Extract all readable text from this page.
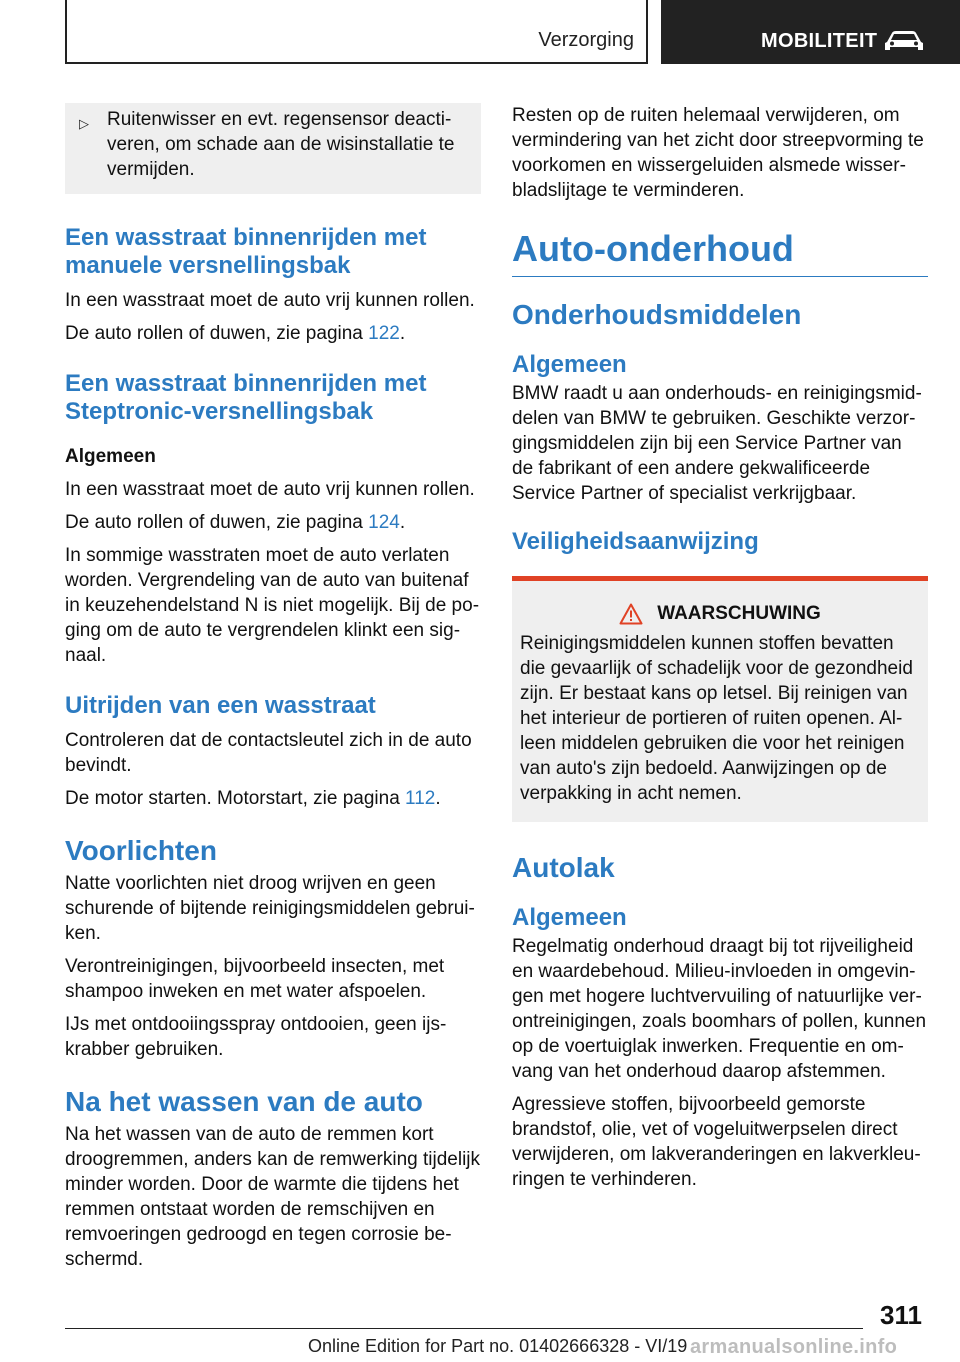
Verzorging	MOBILITEIT
▷ Ruitenwisser en evt. regensensor deactiveren, om schade aan de wisinstallatie te vermijden.
Een wasstraat binnenrijden met manuele versnellingsbak

In een wasstraat moet de auto vrij kunnen rollen.

De auto rollen of duwen, zie pagina 122.

Een wasstraat binnenrijden met Steptronic-versnellingsbak
Algemeen

In een wasstraat moet de auto vrij kunnen rollen.

De auto rollen of duwen, zie pagina 124.

In sommige wasstraten moet de auto verlaten worden. Vergrendeling van de auto van buitenaf in keuzehendelstand N is niet mogelijk. Bij de poging om de auto te vergrendelen klinkt een signaal.

Uitrijden van een wasstraat

Controleren dat de contactsleutel zich in de auto bevindt.

De motor starten. Motorstart, zie pagina 112.

Voorlichten

Natte voorlichten niet droog wrijven en geen schurende of bijtende reinigingsmiddelen gebruiken.

Verontreinigingen, bijvoorbeeld insecten, met shampoo inweken en met water afspoelen.

IJs met ontdooiingsspray ontdooien, geen ijskrabber gebruiken.

Na het wassen van de auto

Na het wassen van de auto de remmen kort droogremmen, anders kan de remwerking tijdelijk minder worden. Door de warmte die tijdens het remmen ontstaat worden de remschijven en remvoeringen gedroogd en tegen corrosie beschermd.

Resten op de ruiten helemaal verwijderen, om vermindering van het zicht door streepvorming te voorkomen en wissergeluiden alsmede wisserbladslijtage te verminderen.

Auto-onderhoud
Onderhoudsmiddelen
Algemeen

BMW raadt u aan onderhouds- en reinigingsmiddelen van BMW te gebruiken. Geschikte verzorgingsmiddelen zijn bij een Service Partner van de fabrikant of een andere gekwalificeerde Service Partner of specialist verkrijgbaar.

Veiligheidsaanwijzing
WAARSCHUWING

Reinigingsmiddelen kunnen stoffen bevatten die gevaarlijk of schadelijk voor de gezondheid zijn. Er bestaat kans op letsel. Bij reinigen van het interieur de portieren of ruiten openen. Alleen middelen gebruiken die voor het reinigen van auto's zijn bedoeld. Aanwijzingen op de verpakking in acht nemen.

Autolak
Algemeen

Regelmatig onderhoud draagt bij tot rijveiligheid en waardebehoud. Milieu-invloeden in omgevingen met hogere luchtvervuiling of natuurlijke verontreinigingen, zoals boomhars of pollen, kunnen op de voertuiglak inwerken. Frequentie en omvang van het onderhoud daarop afstemmen.

Agressieve stoffen, bijvoorbeeld gemorste brandstof, olie, vet of vogeluitwerpselen direct verwijderen, om lakveranderingen en lakverkleuringen te verhinderen.

311
Online Edition for Part no. 01402666328 - VI/19 armanualsonline.info
